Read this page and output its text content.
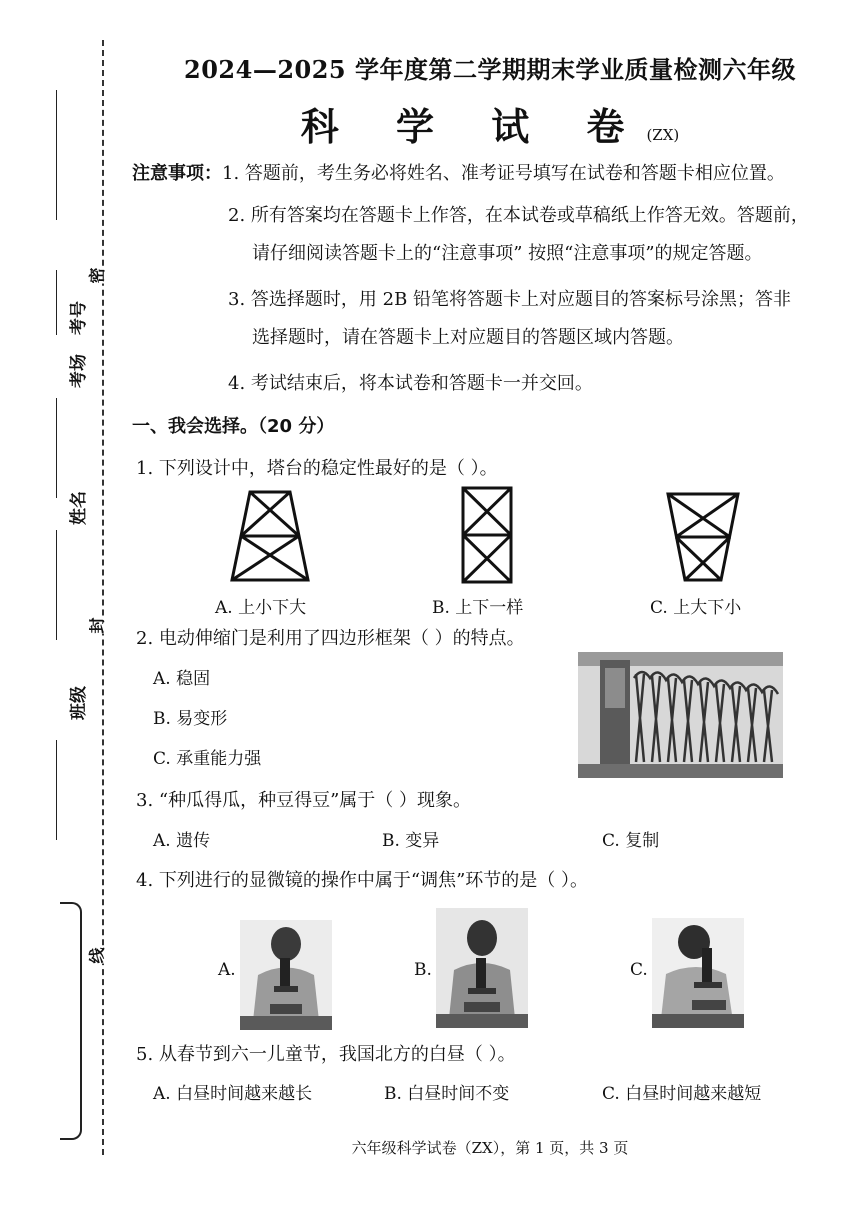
考号
考场
姓名
班级
密
封
线
2024—2025 学年度第二学期期末学业质量检测六年级
科 学 试 卷(ZX)
注意事项：1. 答题前，考生务必将姓名、准考证号填写在试卷和答题卡相应位置。
2. 所有答案均在答题卡上作答，在本试卷或草稿纸上作答无效。答题前，
请仔细阅读答题卡上的“注意事项” 按照“注意事项”的规定答题。
3. 答选择题时，用 2B 铅笔将答题卡上对应题目的答案标号涂黑；答非
选择题时，请在答题卡上对应题目的答题区域内答题。
4. 考试结束后，将本试卷和答题卡一并交回。
一、我会选择。（20 分）
1. 下列设计中，塔台的稳定性最好的是（ ）。
A. 上小下大	B. 上下一样	C. 上大下小
2. 电动伸缩门是利用了四边形框架（ ）的特点。
A. 稳固
B. 易变形
C. 承重能力强
3. “种瓜得瓜，种豆得豆”属于（ ）现象。
A. 遗传	B. 变异	C. 复制
4. 下列进行的显微镜的操作中属于“调焦”环节的是（ ）。
A.	B.	C.
5. 从春节到六一儿童节，我国北方的白昼（ ）。
A. 白昼时间越来越长	B. 白昼时间不变	C. 白昼时间越来越短
六年级科学试卷（ZX），第 1 页，共 3 页
